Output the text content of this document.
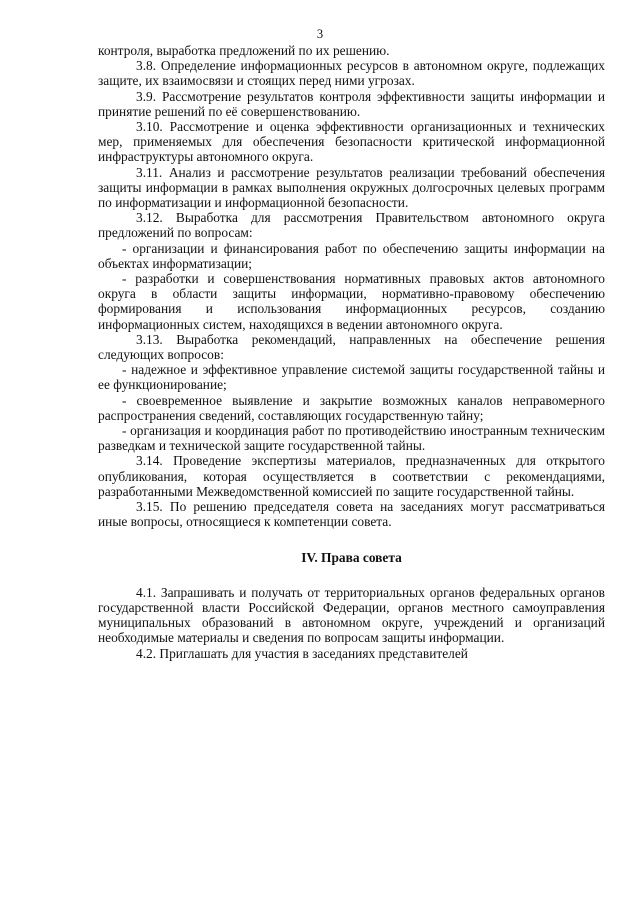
3

контроля, выработка предложений по их решению.

3.8. Определение информационных ресурсов в автономном округе, подлежащих защите, их взаимосвязи и стоящих перед ними угрозах.

3.9. Рассмотрение результатов контроля эффективности защиты информации и принятие решений по её совершенствованию.

3.10. Рассмотрение и оценка эффективности организационных и технических мер, применяемых для обеспечения безопасности критической информационной инфраструктуры автономного округа.

3.11. Анализ и рассмотрение результатов реализации требований обеспечения защиты информации в рамках выполнения окружных долгосрочных целевых программ по информатизации и информационной безопасности.

3.12. Выработка для рассмотрения Правительством автономного округа предложений по вопросам:

- организации и финансирования работ по обеспечению защиты информации на объектах информатизации;

- разработки и совершенствования нормативных правовых актов автономного округа в области защиты информации, нормативно-правовому обеспечению формирования и использования информационных ресурсов, созданию информационных систем, находящихся в ведении автономного округа.

3.13. Выработка рекомендаций, направленных на обеспечение решения следующих вопросов:

- надежное и эффективное управление системой защиты государственной тайны и ее функционирование;

- своевременное выявление и закрытие возможных каналов неправомерного распространения сведений, составляющих государственную тайну;

- организация и координация работ по противодействию иностранным техническим разведкам и технической защите государственной тайны.

3.14. Проведение экспертизы материалов, предназначенных для открытого опубликования, которая осуществляется в соответствии с рекомендациями, разработанными Межведомственной комиссией по защите государственной тайны.

3.15. По решению председателя совета на заседаниях могут рассматриваться иные вопросы, относящиеся к компетенции совета.

IV. Права совета

4.1. Запрашивать и получать от территориальных органов федеральных органов государственной власти Российской Федерации, органов местного самоуправления муниципальных образований в автономном округе, учреждений и организаций необходимые материалы и сведения по вопросам защиты информации.

4.2. Приглашать для участия в заседаниях представителей
